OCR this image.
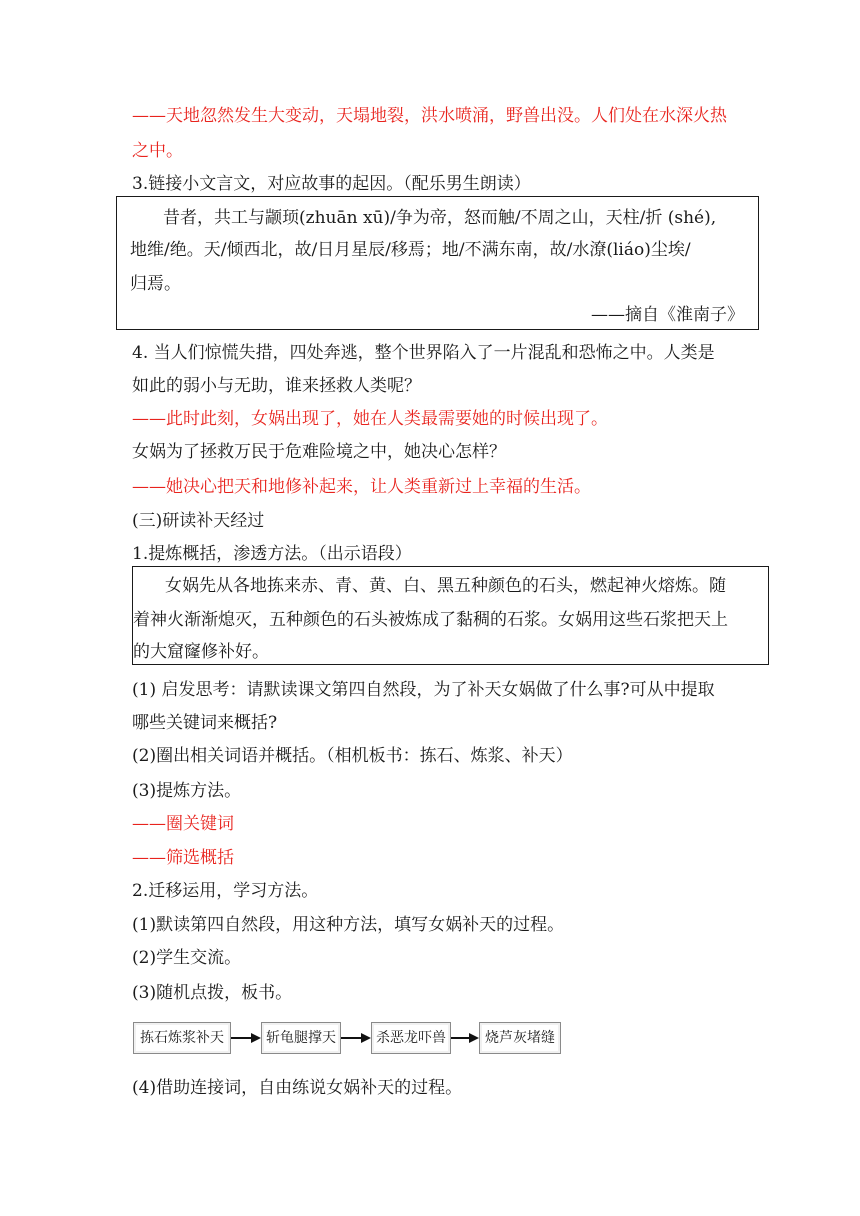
——天地忽然发生大变动，天塌地裂，洪水喷涌，野兽出没。人们处在水深火热
之中。
3.链接小文言文，对应故事的起因。（配乐男生朗读）
昔者，共工与颛顼(zhuān xū)/争为帝，怒而触/不周之山，天柱/折 (shé),
地维/绝。天/倾西北，故/日月星辰/移焉；地/不满东南，故/水潦(liáo)尘埃/
归焉。
——摘自《淮南子》
4. 当人们惊慌失措，四处奔逃，整个世界陷入了一片混乱和恐怖之中。人类是
如此的弱小与无助，谁来拯救人类呢？
——此时此刻，女娲出现了，她在人类最需要她的时候出现了。
女娲为了拯救万民于危难险境之中，她决心怎样？
——她决心把天和地修补起来，让人类重新过上幸福的生活。
(三)研读补天经过
1.提炼概括，渗透方法。（出示语段）
女娲先从各地拣来赤、青、黄、白、黑五种颜色的石头，燃起神火熔炼。随
着神火渐渐熄灭，五种颜色的石头被炼成了黏稠的石浆。女娲用这些石浆把天上
的大窟窿修补好。
(1) 启发思考：请默读课文第四自然段，为了补天女娲做了什么事?可从中提取
哪些关键词来概括?
(2)圈出相关词语并概括。（相机板书：拣石、炼浆、补天）
(3)提炼方法。
——圈关键词
——筛选概括
2.迁移运用，学习方法。
(1)默读第四自然段，用这种方法，填写女娲补天的过程。
(2)学生交流。
(3)随机点拨，板书。
拣石炼浆补天	斩龟腿撑天	杀恶龙吓兽	烧芦灰堵缝
(4)借助连接词，自由练说女娲补天的过程。
